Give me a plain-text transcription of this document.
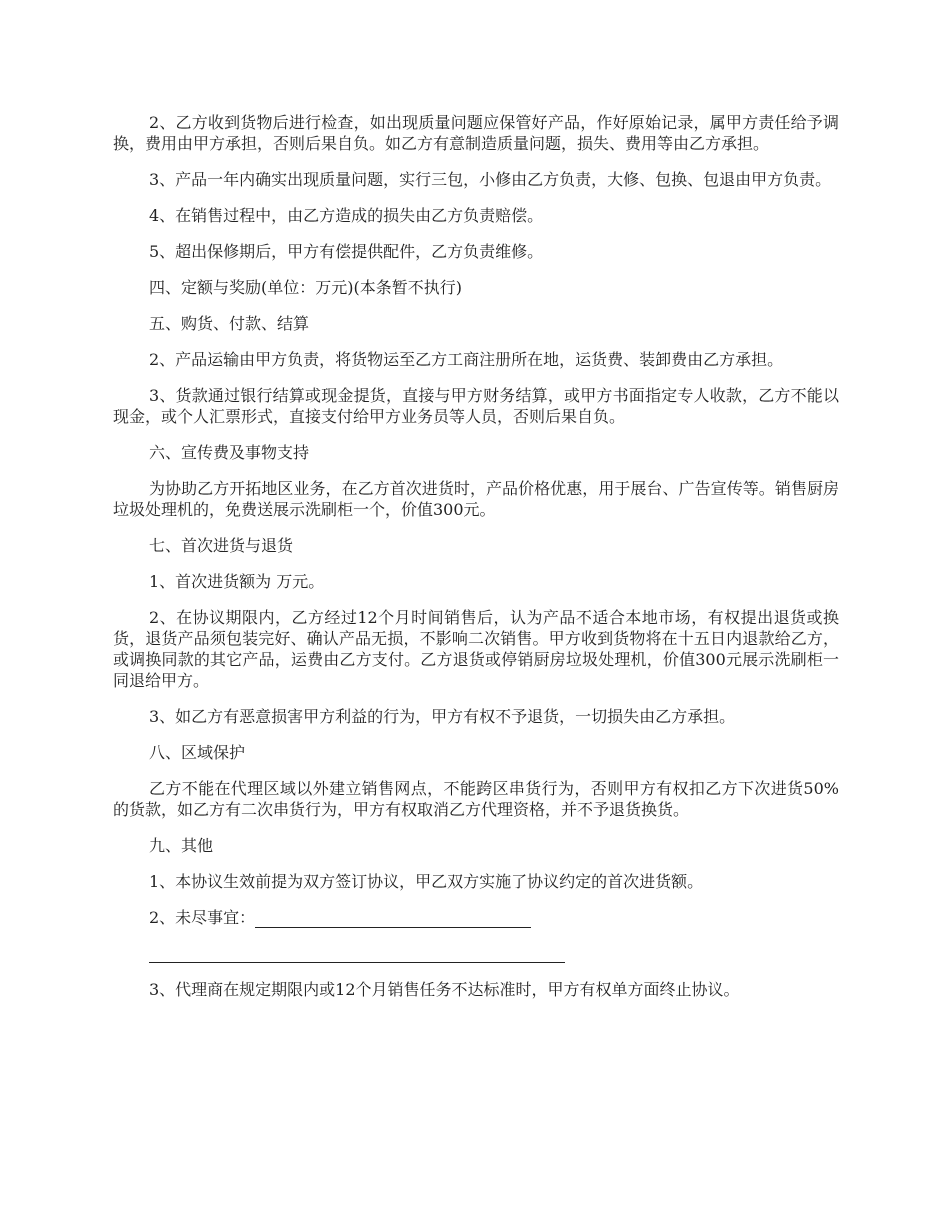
2、乙方收到货物后进行检查，如出现质量问题应保管好产品，作好原始记录，属甲方责任给予调换，费用由甲方承担，否则后果自负。如乙方有意制造质量问题，损失、费用等由乙方承担。

3、产品一年内确实出现质量问题，实行三包，小修由乙方负责，大修、包换、包退由甲方负责。

4、在销售过程中，由乙方造成的损失由乙方负责赔偿。

5、超出保修期后，甲方有偿提供配件，乙方负责维修。

四、定额与奖励(单位：万元)(本条暂不执行)

五、购货、付款、结算

2、产品运输由甲方负责，将货物运至乙方工商注册所在地，运货费、装卸费由乙方承担。

3、货款通过银行结算或现金提货，直接与甲方财务结算，或甲方书面指定专人收款，乙方不能以现金，或个人汇票形式，直接支付给甲方业务员等人员，否则后果自负。

六、宣传费及事物支持

为协助乙方开拓地区业务，在乙方首次进货时，产品价格优惠，用于展台、广告宣传等。销售厨房垃圾处理机的，免费送展示洗刷柜一个，价值300元。

七、首次进货与退货

1、首次进货额为 万元。

2、在协议期限内，乙方经过12个月时间销售后，认为产品不适合本地市场，有权提出退货或换货，退货产品须包装完好、确认产品无损，不影响二次销售。甲方收到货物将在十五日内退款给乙方，或调换同款的其它产品，运费由乙方支付。乙方退货或停销厨房垃圾处理机，价值300元展示洗刷柜一同退给甲方。

3、如乙方有恶意损害甲方利益的行为，甲方有权不予退货，一切损失由乙方承担。

八、区域保护

乙方不能在代理区域以外建立销售网点，不能跨区串货行为，否则甲方有权扣乙方下次进货50%的货款，如乙方有二次串货行为，甲方有权取消乙方代理资格，并不予退货换货。

九、其他

1、本协议生效前提为双方签订协议，甲乙双方实施了协议约定的首次进货额。

2、未尽事宜：

3、代理商在规定期限内或12个月销售任务不达标准时，甲方有权单方面终止协议。
